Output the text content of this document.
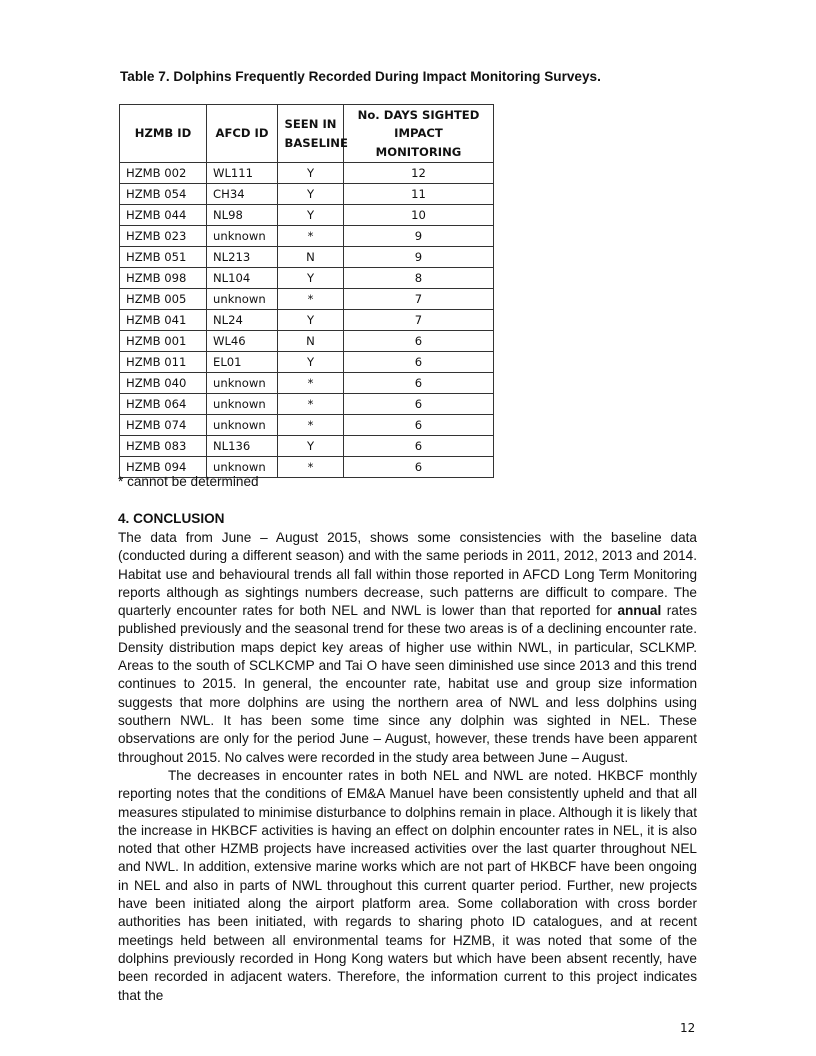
Table 7. Dolphins Frequently Recorded During Impact Monitoring Surveys.
HZMB ID	AFCD ID	SEEN IN BASELINE	No. DAYS SIGHTED IMPACT MONITORING

HZMB 002	WL111	Y	12
HZMB 054	CH34	Y	11
HZMB 044	NL98	Y	10
HZMB 023	unknown	*	9
HZMB 051	NL213	N	9
HZMB 098	NL104	Y	8
HZMB 005	unknown	*	7
HZMB 041	NL24	Y	7
HZMB 001	WL46	N	6
HZMB 011	EL01	Y	6
HZMB 040	unknown	*	6
HZMB 064	unknown	*	6
HZMB 074	unknown	*	6
HZMB 083	NL136	Y	6
HZMB 094	unknown	*	6
* cannot be determined
4. CONCLUSION

The data from June – August 2015, shows some consistencies with the baseline data (conducted during a different season) and with the same periods in 2011, 2012, 2013 and 2014. Habitat use and behavioural trends all fall within those reported in AFCD Long Term Monitoring reports although as sightings numbers decrease, such patterns are difficult to compare. The quarterly encounter rates for both NEL and NWL is lower than that reported for annual rates published previously and the seasonal trend for these two areas is of a declining encounter rate. Density distribution maps depict key areas of higher use within NWL, in particular, SCLKMP. Areas to the south of SCLKCMP and Tai O have seen diminished use since 2013 and this trend continues to 2015. In general, the encounter rate, habitat use and group size information suggests that more dolphins are using the northern area of NWL and less dolphins using southern NWL. It has been some time since any dolphin was sighted in NEL. These observations are only for the period June – August, however, these trends have been apparent throughout 2015. No calves were recorded in the study area between June – August.

The decreases in encounter rates in both NEL and NWL are noted. HKBCF monthly reporting notes that the conditions of EM&A Manuel have been consistently upheld and that all measures stipulated to minimise disturbance to dolphins remain in place. Although it is likely that the increase in HKBCF activities is having an effect on dolphin encounter rates in NEL, it is also noted that other HZMB projects have increased activities over the last quarter throughout NEL and NWL. In addition, extensive marine works which are not part of HKBCF have been ongoing in NEL and also in parts of NWL throughout this current quarter period. Further, new projects have been initiated along the airport platform area. Some collaboration with cross border authorities has been initiated, with regards to sharing photo ID catalogues, and at recent meetings held between all environmental teams for HZMB, it was noted that some of the dolphins previously recorded in Hong Kong waters but which have been absent recently, have been recorded in adjacent waters. Therefore, the information current to this project indicates that the

12
